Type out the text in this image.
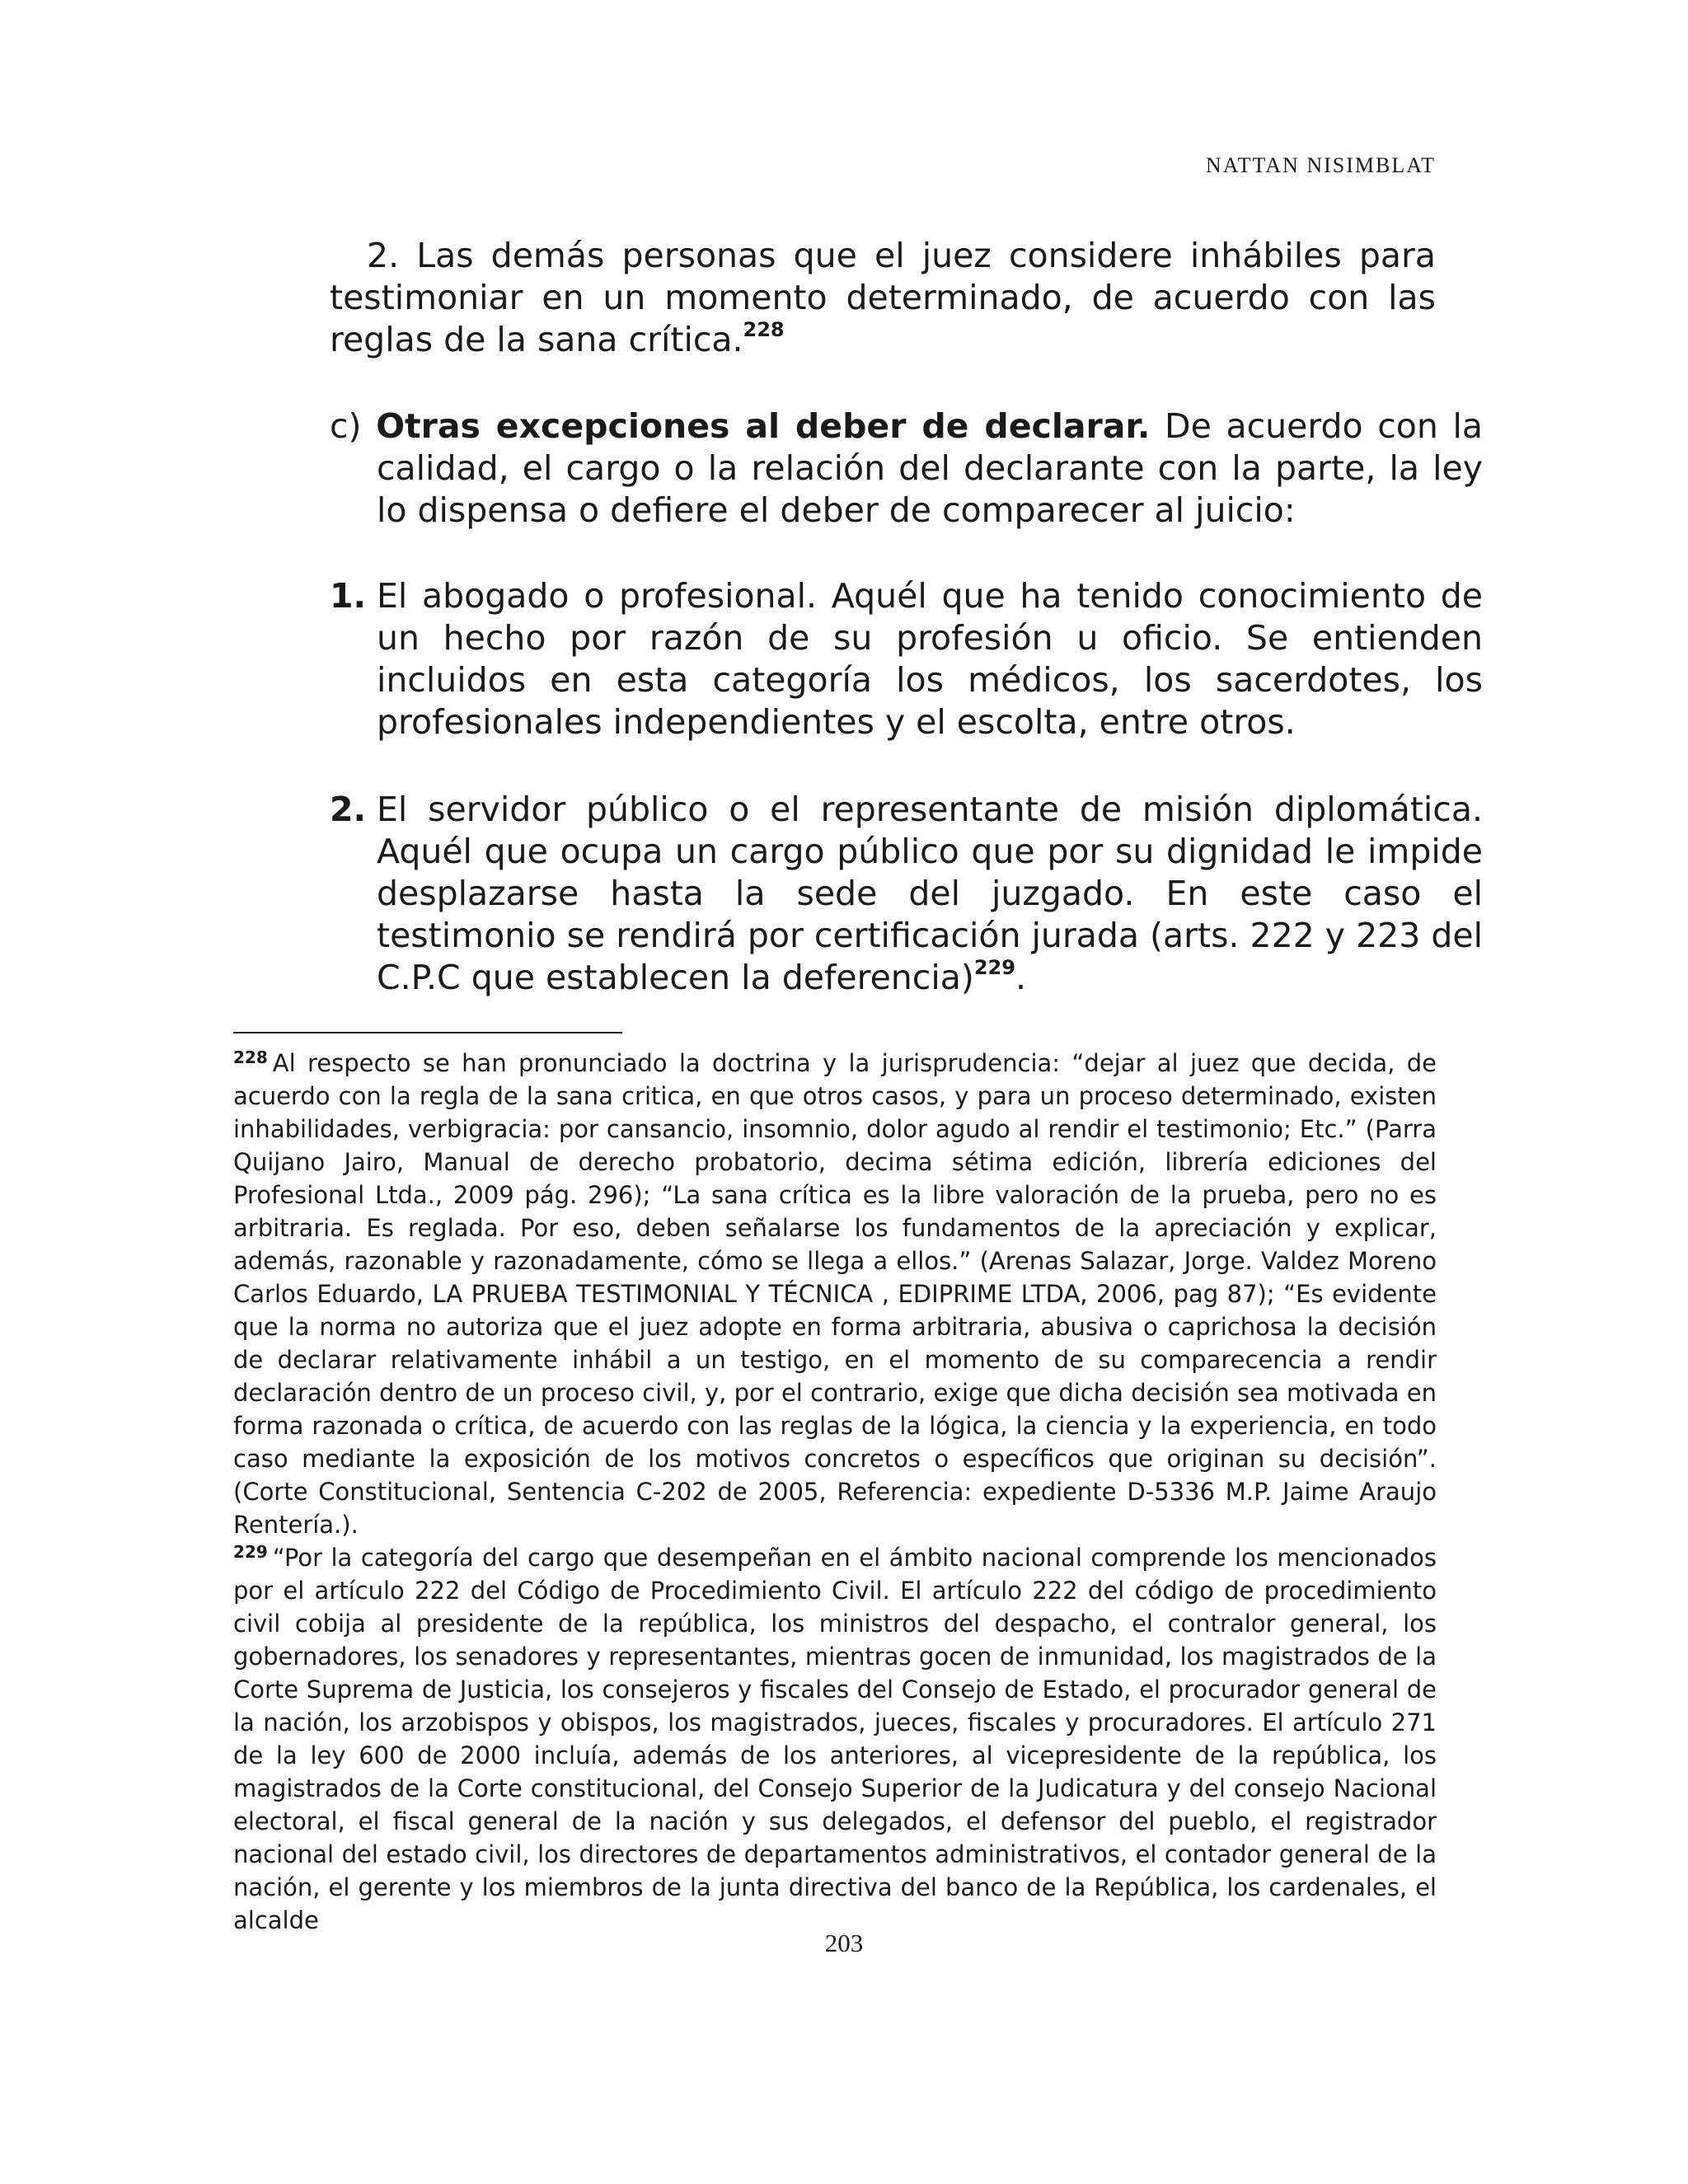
NATTAN NISIMBLAT
2. Las demás personas que el juez considere inhábiles para testimoniar en un momento determinado, de acuerdo con las reglas de la sana crítica.$^{228}$
c) Otras excepciones al deber de declarar. De acuerdo con la calidad, el cargo o la relación del declarante con la parte, la ley lo dispensa o defiere el deber de comparecer al juicio:
1. El abogado o profesional. Aquél que ha tenido conocimiento de un hecho por razón de su profesión u oficio. Se entienden incluidos en esta categoría los médicos, los sacerdotes, los profesionales independientes y el escolta, entre otros.
2. El servidor público o el representante de misión diplomática. Aquél que ocupa un cargo público que por su dignidad le impide desplazarse hasta la sede del juzgado. En este caso el testimonio se rendirá por certificación jurada (arts. 222 y 223 del C.P.C que establecen la deferencia)$^{229}$.

$^{228}$ Al respecto se han pronunciado la doctrina y la jurisprudencia: “dejar al juez que decida, de acuerdo con la regla de la sana critica, en que otros casos, y para un proceso determinado, existen inhabilidades, verbigracia: por cansancio, insomnio, dolor agudo al rendir el testimonio; Etc.” (Parra Quijano Jairo, Manual de derecho probatorio, decima sétima edición, librería ediciones del Profesional Ltda., 2009 pág. 296); “La sana crítica es la libre valoración de la prueba, pero no es arbitraria. Es reglada. Por eso, deben señalarse los fundamentos de la apreciación y explicar, además, razonable y razonadamente, cómo se llega a ellos.” (Arenas Salazar, Jorge. Valdez Moreno Carlos Eduardo, LA PRUEBA TESTIMONIAL Y TÉCNICA , EDIPRIME LTDA, 2006, pag 87); “Es evidente que la norma no autoriza que el juez adopte en forma arbitraria, abusiva o caprichosa la decisión de declarar relativamente inhábil a un testigo, en el momento de su comparecencia a rendir declaración dentro de un proceso civil, y, por el contrario, exige que dicha decisión sea motivada en forma razonada o crítica, de acuerdo con las reglas de la lógica, la ciencia y la experiencia, en todo caso mediante la exposición de los motivos concretos o específicos que originan su decisión”. (Corte Constitucional, Sentencia C-202 de 2005, Referencia: expediente D-5336 M.P. Jaime Araujo Rentería.).

$^{229}$ “Por la categoría del cargo que desempeñan en el ámbito nacional comprende los mencionados por el artículo 222 del Código de Procedimiento Civil. El artículo 222 del código de procedimiento civil cobija al presidente de la república, los ministros del despacho, el contralor general, los gobernadores, los senadores y representantes, mientras gocen de inmunidad, los magistrados de la Corte Suprema de Justicia, los consejeros y fiscales del Consejo de Estado, el procurador general de la nación, los arzobispos y obispos, los magistrados, jueces, fiscales y procuradores. El artículo 271 de la ley 600 de 2000 incluía, además de los anteriores, al vicepresidente de la república, los magistrados de la Corte constitucional, del Consejo Superior de la Judicatura y del consejo Nacional electoral, el fiscal general de la nación y sus delegados, el defensor del pueblo, el registrador nacional del estado civil, los directores de departamentos administrativos, el contador general de la nación, el gerente y los miembros de la junta directiva del banco de la República, los cardenales, el alcalde

203
